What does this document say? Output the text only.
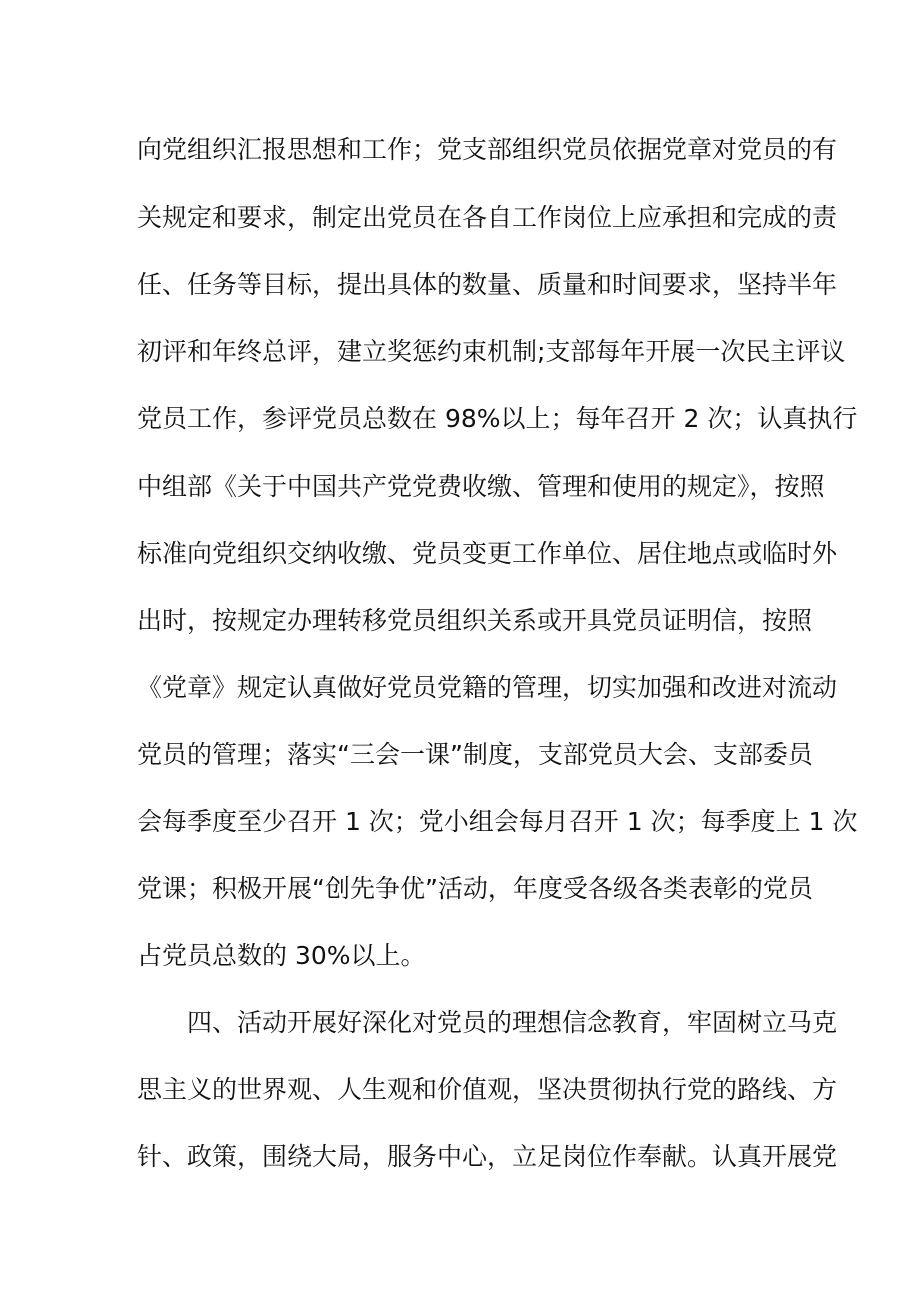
向党组织汇报思想和工作；党支部组织党员依据党章对党员的有
关规定和要求，制定出党员在各自工作岗位上应承担和完成的责
任、任务等目标，提出具体的数量、质量和时间要求，坚持半年
初评和年终总评，建立奖惩约束机制;支部每年开展一次民主评议
党员工作，参评党员总数在 98%以上；每年召开 2 次；认真执行
中组部《关于中国共产党党费收缴、管理和使用的规定》，按照
标准向党组织交纳收缴、党员变更工作单位、居住地点或临时外
出时，按规定办理转移党员组织关系或开具党员证明信，按照
《党章》规定认真做好党员党籍的管理，切实加强和改进对流动
党员的管理；落实“三会一课”制度，支部党员大会、支部委员
会每季度至少召开 1 次；党小组会每月召开 1 次；每季度上 1 次
党课；积极开展“创先争优”活动，年度受各级各类表彰的党员
占党员总数的 30%以上。
四、活动开展好深化对党员的理想信念教育，牢固树立马克
思主义的世界观、人生观和价值观，坚决贯彻执行党的路线、方
针、政策，围绕大局，服务中心，立足岗位作奉献。认真开展党
